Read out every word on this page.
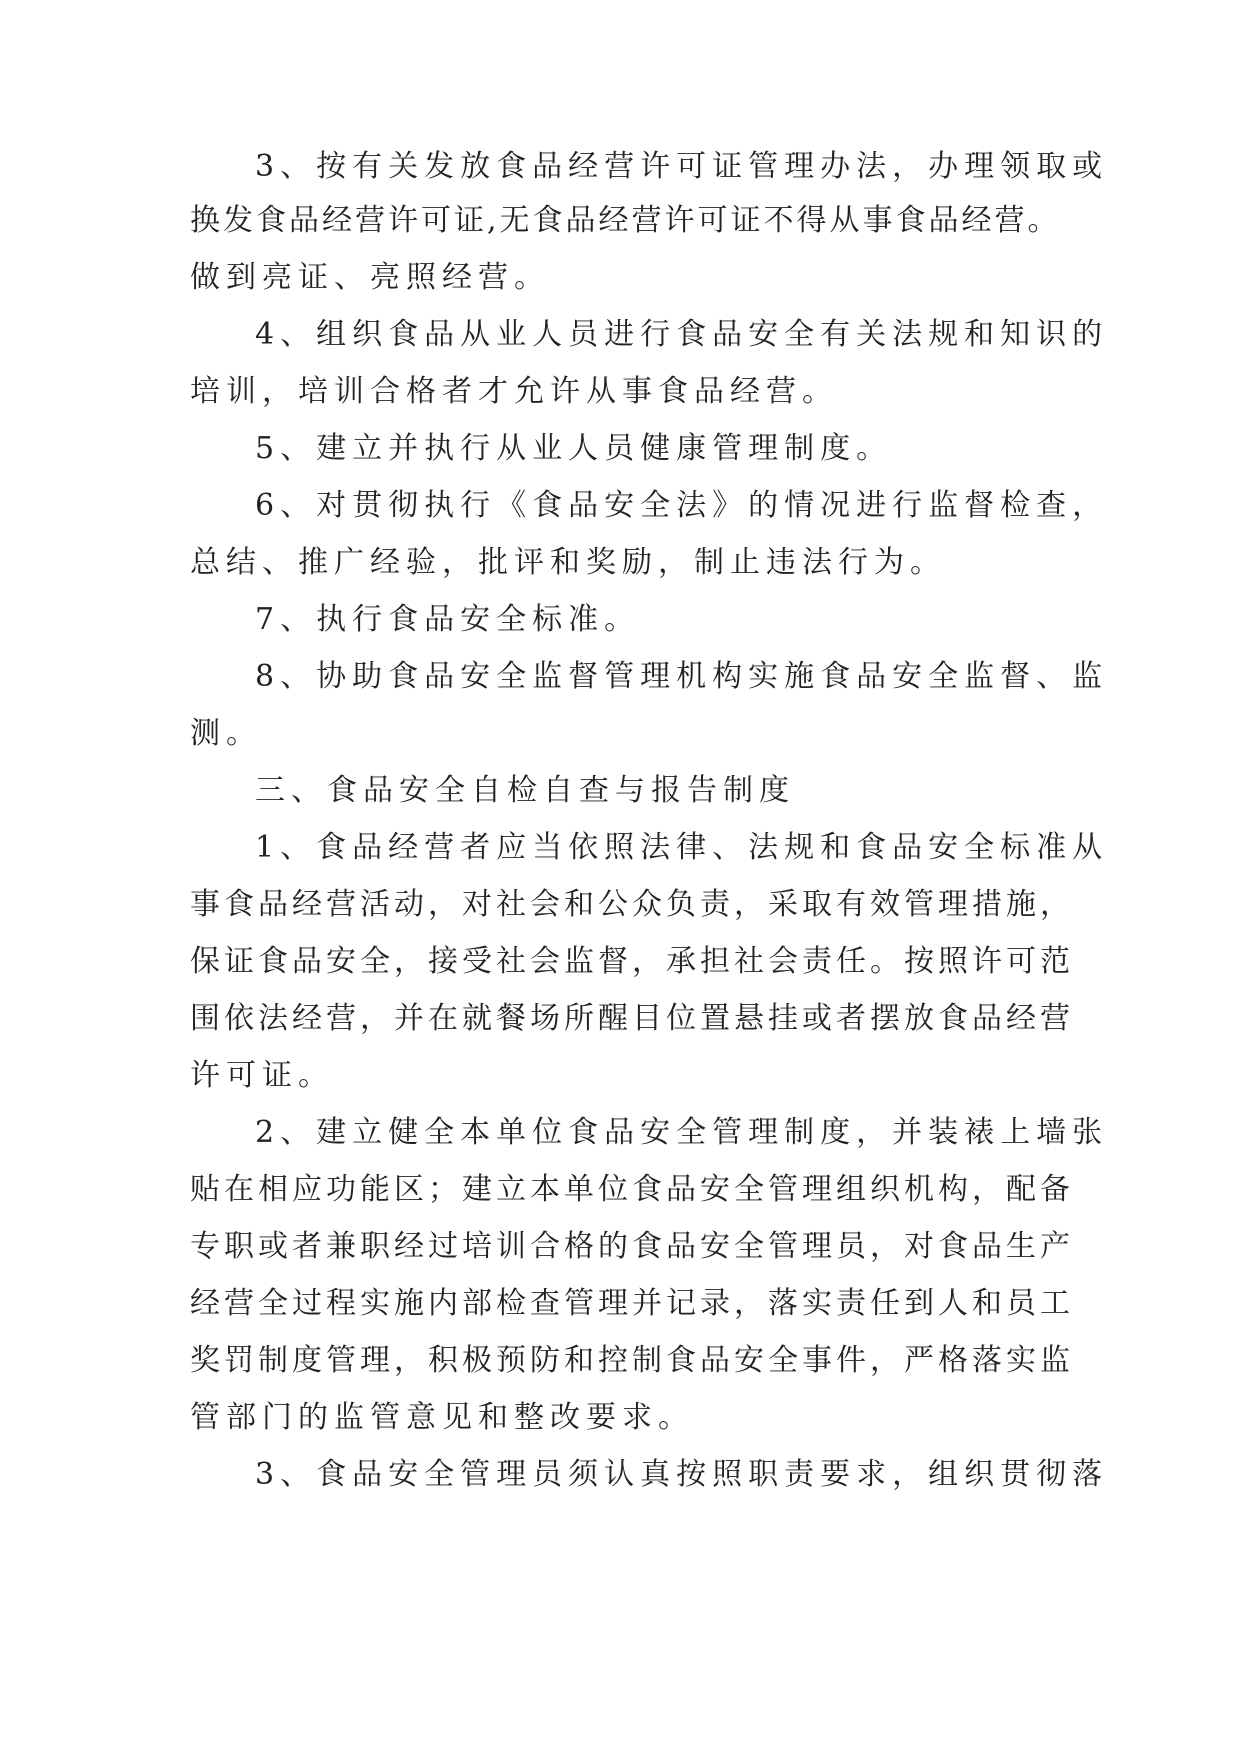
3、按有关发放食品经营许可证管理办法，办理领取或
换发食品经营许可证,无食品经营许可证不得从事食品经营。
做到亮证、亮照经营。
4、组织食品从业人员进行食品安全有关法规和知识的
培训，培训合格者才允许从事食品经营。
5、建立并执行从业人员健康管理制度。
6、对贯彻执行《食品安全法》的情况进行监督检查，
总结、推广经验，批评和奖励，制止违法行为。
7、执行食品安全标准。
8、协助食品安全监督管理机构实施食品安全监督、监
测。
三、食品安全自检自查与报告制度
1、食品经营者应当依照法律、法规和食品安全标准从
事食品经营活动，对社会和公众负责，采取有效管理措施，
保证食品安全，接受社会监督，承担社会责任。按照许可范
围依法经营，并在就餐场所醒目位置悬挂或者摆放食品经营
许可证。
2、建立健全本单位食品安全管理制度，并装裱上墙张
贴在相应功能区；建立本单位食品安全管理组织机构，配备
专职或者兼职经过培训合格的食品安全管理员，对食品生产
经营全过程实施内部检查管理并记录，落实责任到人和员工
奖罚制度管理，积极预防和控制食品安全事件，严格落实监
管部门的监管意见和整改要求。
3、食品安全管理员须认真按照职责要求，组织贯彻落
